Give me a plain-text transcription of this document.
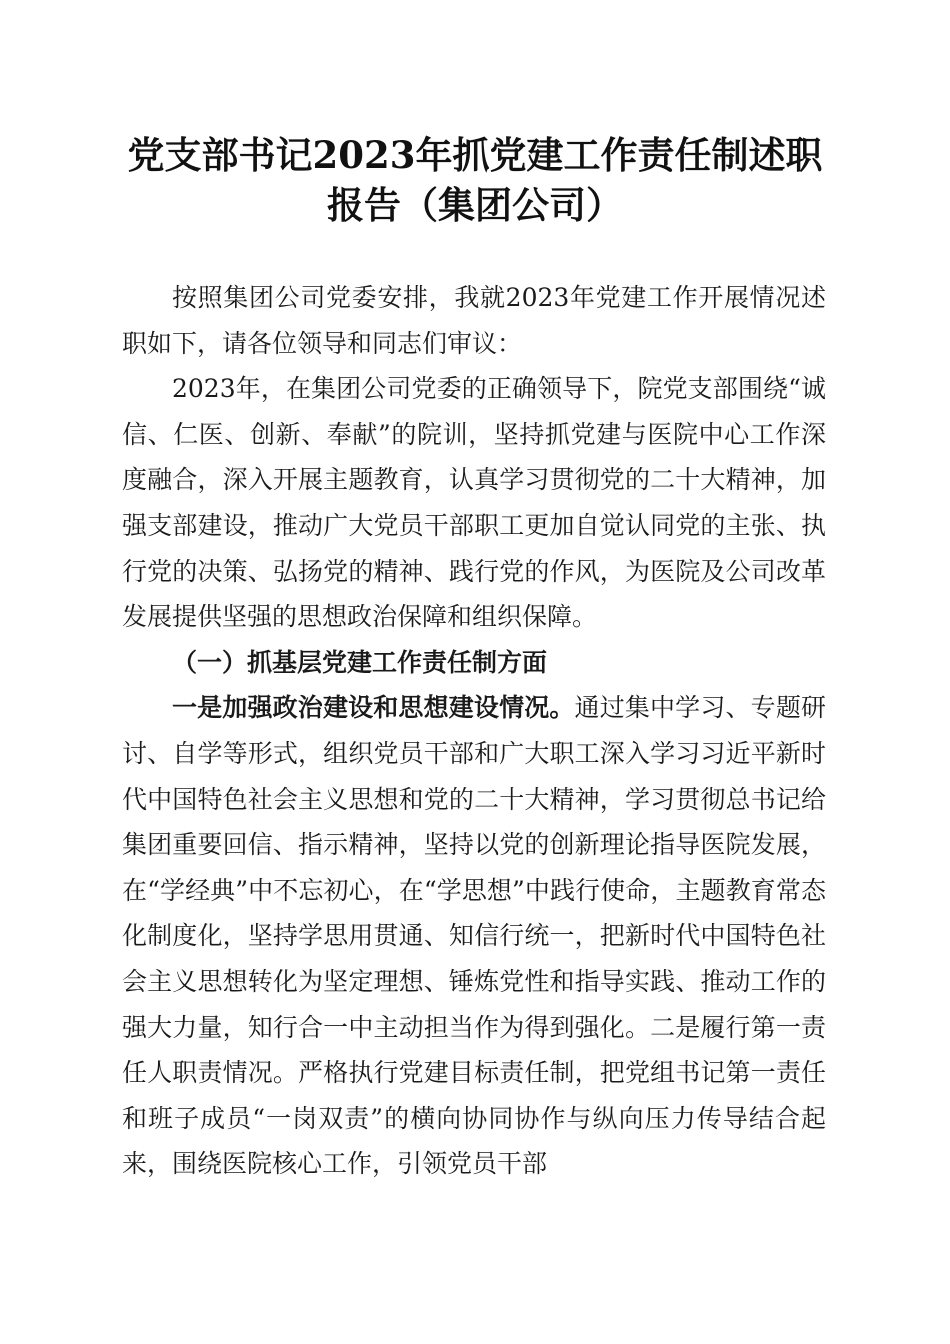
党支部书记2023年抓党建工作责任制述职报告（集团公司）

按照集团公司党委安排，我就2023年党建工作开展情况述职如下，请各位领导和同志们审议：

2023年，在集团公司党委的正确领导下，院党支部围绕“诚信、仁医、创新、奉献”的院训，坚持抓党建与医院中心工作深度融合，深入开展主题教育，认真学习贯彻党的二十大精神，加强支部建设，推动广大党员干部职工更加自觉认同党的主张、执行党的决策、弘扬党的精神、践行党的作风，为医院及公司改革发展提供坚强的思想政治保障和组织保障。

（一）抓基层党建工作责任制方面

一是加强政治建设和思想建设情况。通过集中学习、专题研讨、自学等形式，组织党员干部和广大职工深入学习习近平新时代中国特色社会主义思想和党的二十大精神，学习贯彻总书记给集团重要回信、指示精神，坚持以党的创新理论指导医院发展，在“学经典”中不忘初心，在“学思想”中践行使命，主题教育常态化制度化，坚持学思用贯通、知信行统一，把新时代中国特色社会主义思想转化为坚定理想、锤炼党性和指导实践、推动工作的强大力量，知行合一中主动担当作为得到强化。二是履行第一责任人职责情况。严格执行党建目标责任制，把党组书记第一责任和班子成员“一岗双责”的横向协同协作与纵向压力传导结合起来，围绕医院核心工作，引领党员干部
